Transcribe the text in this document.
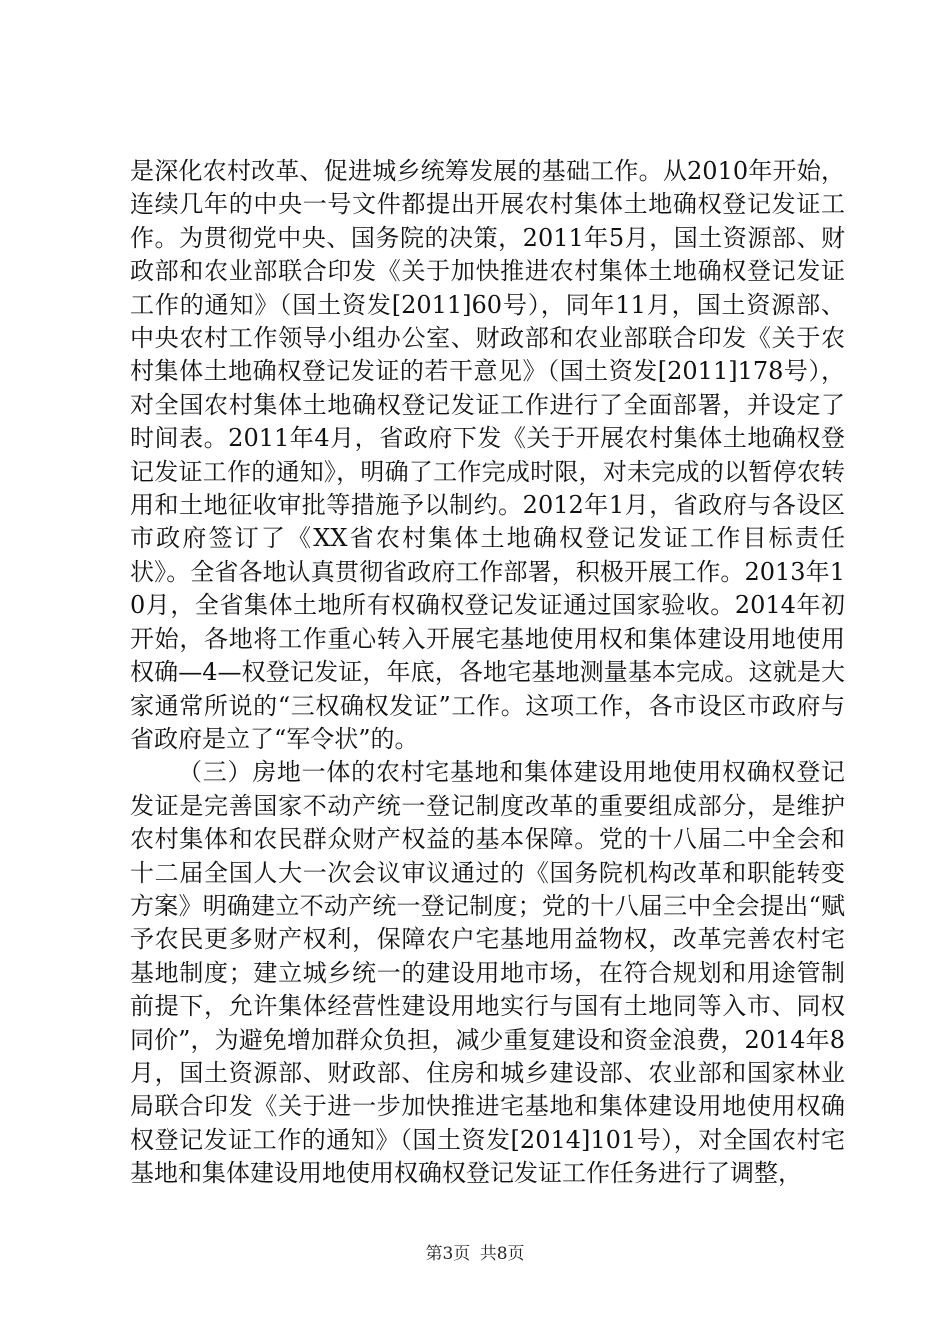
是深化农村改革、促进城乡统筹发展的基础工作。从2010年开始，连续几年的中央一号文件都提出开展农村集体土地确权登记发证工作。为贯彻党中央、国务院的决策，2011年5月，国土资源部、财政部和农业部联合印发《关于加快推进农村集体土地确权登记发证工作的通知》（国土资发[2011]60号），同年11月，国土资源部、中央农村工作领导小组办公室、财政部和农业部联合印发《关于农村集体土地确权登记发证的若干意见》（国土资发[2011]178号），对全国农村集体土地确权登记发证工作进行了全面部署，并设定了时间表。2011年4月，省政府下发《关于开展农村集体土地确权登记发证工作的通知》，明确了工作完成时限，对未完成的以暂停农转用和土地征收审批等措施予以制约。2012年1月，省政府与各设区市政府签订了《XX省农村集体土地确权登记发证工作目标责任状》。全省各地认真贯彻省政府工作部署，积极开展工作。2013年10月，全省集体土地所有权确权登记发证通过国家验收。2014年初开始，各地将工作重心转入开展宅基地使用权和集体建设用地使用权确—4—权登记发证，年底，各地宅基地测量基本完成。这就是大家通常所说的“三权确权发证”工作。这项工作，各市设区市政府与省政府是立了“军令状”的。

（三）房地一体的农村宅基地和集体建设用地使用权确权登记发证是完善国家不动产统一登记制度改革的重要组成部分，是维护农村集体和农民群众财产权益的基本保障。党的十八届二中全会和十二届全国人大一次会议审议通过的《国务院机构改革和职能转变方案》明确建立不动产统一登记制度；党的十八届三中全会提出“赋予农民更多财产权利，保障农户宅基地用益物权，改革完善农村宅基地制度；建立城乡统一的建设用地市场，在符合规划和用途管制前提下，允许集体经营性建设用地实行与国有土地同等入市、同权同价”，为避免增加群众负担，减少重复建设和资金浪费，2014年8月，国土资源部、财政部、住房和城乡建设部、农业部和国家林业局联合印发《关于进一步加快推进宅基地和集体建设用地使用权确权登记发证工作的通知》（国土资发[2014]101号），对全国农村宅基地和集体建设用地使用权确权登记发证工作任务进行了调整，

第3页 共8页
